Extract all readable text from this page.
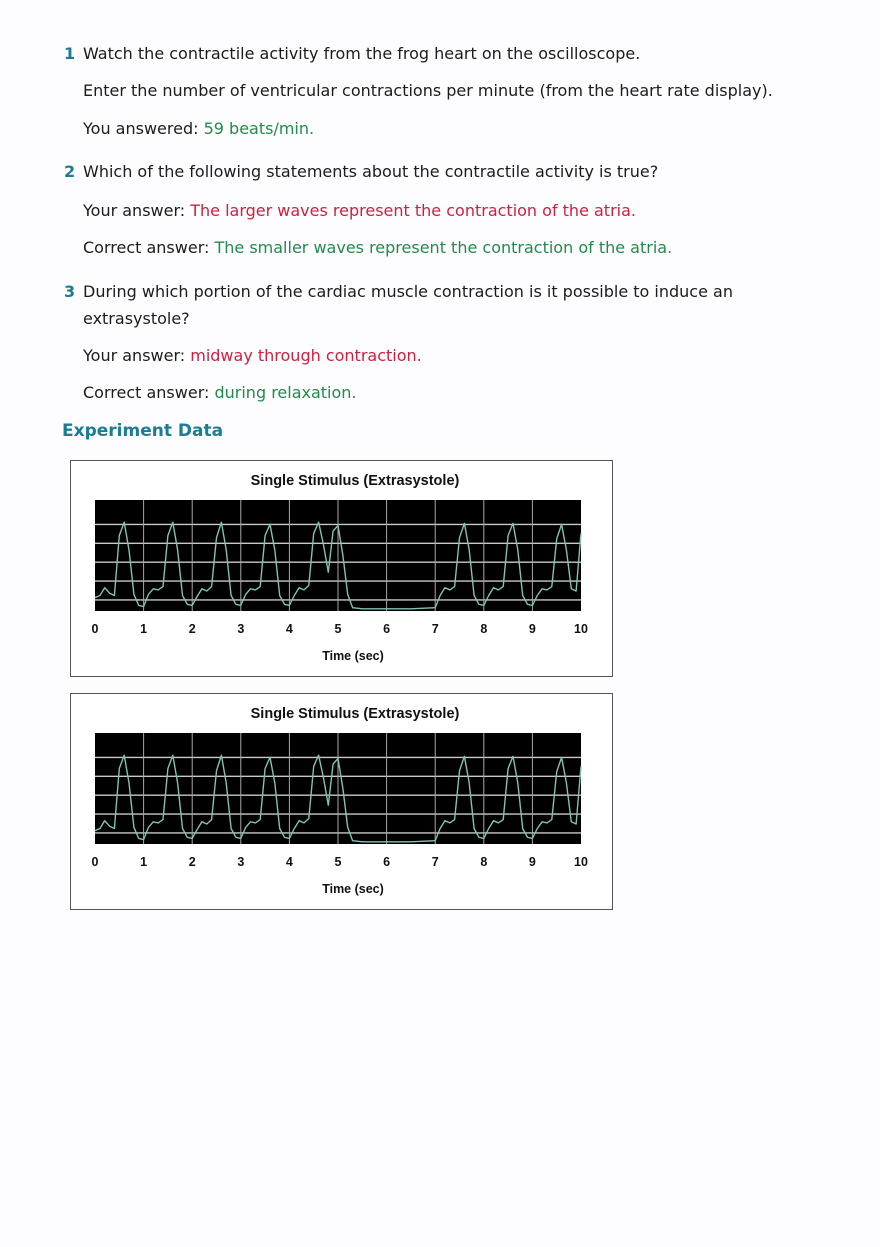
1 Watch the contractile activity from the frog heart on the oscilloscope.
Enter the number of ventricular contractions per minute (from the heart rate display).
You answered: 59 beats/min.
2 Which of the following statements about the contractile activity is true?
Your answer: The larger waves represent the contraction of the atria.
Correct answer: The smaller waves represent the contraction of the atria.
3 During which portion of the cardiac muscle contraction is it possible to induce an extrasystole?
Your answer: midway through contraction.
Correct answer: during relaxation.
Experiment Data
Single Stimulus (Extrasystole)
0	1	2	3	4	5	6	7	8	9	10
Time (sec)
Single Stimulus (Extrasystole)
0	1	2	3	4	5	6	7	8	9	10
Time (sec)
